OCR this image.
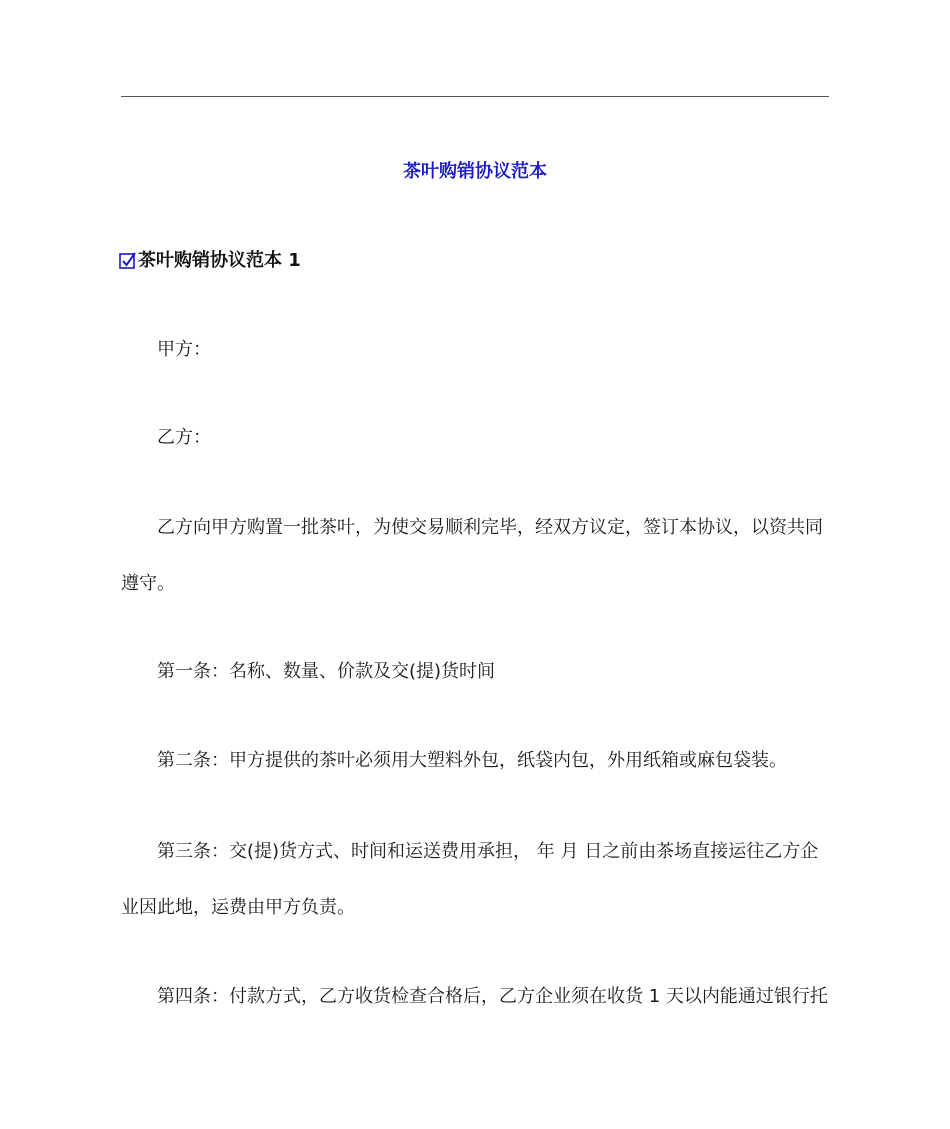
茶叶购销协议范本
茶叶购销协议范本 1
甲方：
乙方：
乙方向甲方购置一批茶叶，为使交易顺利完毕，经双方议定，签订本协议，以资共同
遵守。
第一条：名称、数量、价款及交(提)货时间
第二条：甲方提供的茶叶必须用大塑料外包，纸袋内包，外用纸箱或麻包袋装。
第三条：交(提)货方式、时间和运送费用承担， 年 月 日之前由茶场直接运往乙方企
业因此地，运费由甲方负责。
第四条：付款方式，乙方收货检查合格后，乙方企业须在收货 1 天以内能通过银行托
